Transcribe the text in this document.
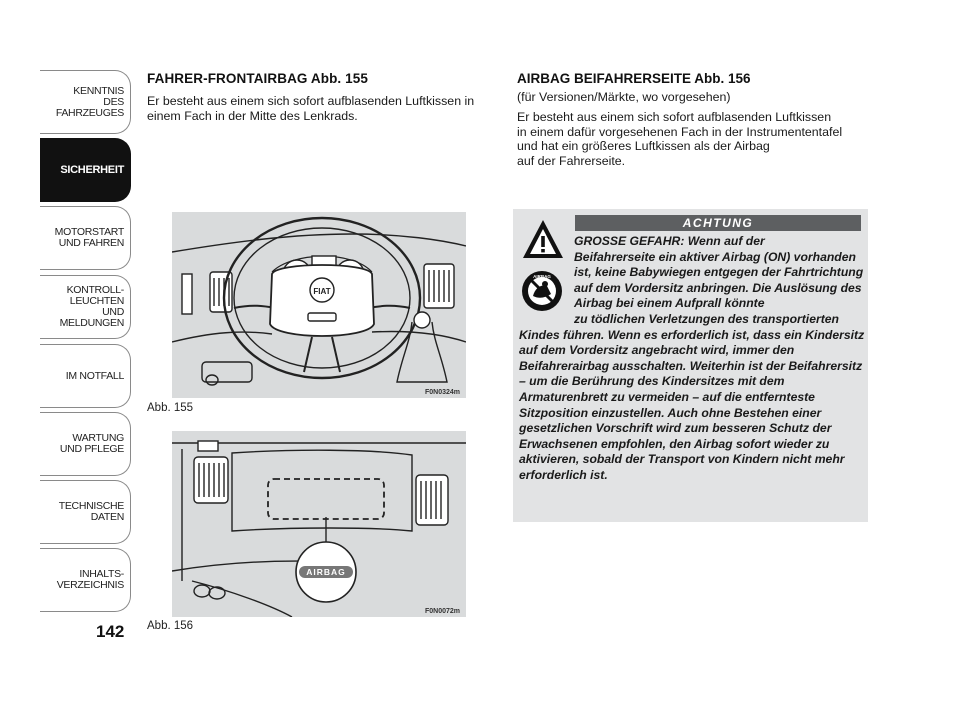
KENNTNIS
DES FAHRZEUGES
SICHERHEIT
MOTORSTART
UND FAHREN
KONTROLL-
LEUCHTEN
UND MELDUNGEN
IM NOTFALL
WARTUNG
UND PFLEGE
TECHNISCHE
DATEN
INHALTS-
VERZEICHNIS
142
FAHRER-FRONTAIRBAG Abb. 155
Er besteht aus einem sich sofort aufblasenden Luftkissen in einem Fach in der Mitte des Lenkrads.
FIAT
F0N0324m
Abb. 155
AIRBAG
F0N0072m
Abb. 156
AIRBAG BEIFAHRERSEITE Abb. 156
(für Versionen/Märkte, wo vorgesehen)
Er besteht aus einem sich sofort aufblasenden Luftkissen
in einem dafür vorgesehenen Fach in der Instrumententafel
und hat ein größeres Luftkissen als der Airbag
auf der Fahrerseite.
ACHTUNG
AIRBAG
GROSSE GEFAHR: Wenn auf der
Beifahrerseite ein aktiver Airbag (ON) vorhanden ist, keine Babywiegen entgegen der Fahrtrichtung auf dem Vordersitz anbringen. Die Auslösung des Airbag bei einem Aufprall könnte
zu tödlichen Verletzungen des transportierten Kindes führen. Wenn es erforderlich ist, dass ein Kindersitz auf dem Vordersitz angebracht wird, immer den Beifahrerairbag ausschalten. Weiterhin ist der Beifahrersitz – um die Berührung des Kindersitzes mit dem Armaturenbrett zu vermeiden – auf die entfernteste Sitzposition einzustellen. Auch ohne Bestehen einer gesetzlichen Vorschrift wird zum besseren Schutz der Erwachsenen empfohlen, den Airbag sofort wieder zu aktivieren, sobald der Transport von Kindern nicht mehr erforderlich ist.
